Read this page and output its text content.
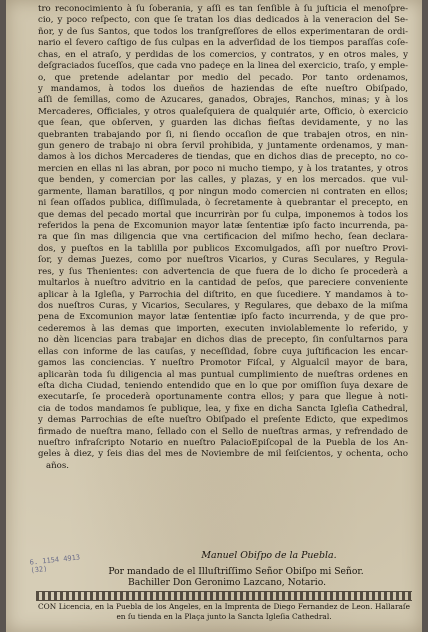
tro reconocimiento à ſu ſoberania, y aſſi es tan ſenſible à ſu juſticia el menoſpre-
cio, y poco reſpecto, con que ſe tratan los dias dedicados à la veneracion del Se-
ñor, y de ſus Santos, que todos los tranſgreſſores de ellos experimentaran de ordi-
nario el ſevero caſtigo de ſus culpas en la adverſidad de los tiempos paraſſas coſe-
chas, en el atraſo, y perdidas de los comercios, y contratos, y en otros males, y
deſgraciados ſuceſſos, que cada vno padeçe en la linea del exercicio, traſo, y emple-
o, que pretende adelantar por medio del pecado. Por tanto ordenamos,
y mandamos, à todos los dueños de haziendas de eſte nueſtro Obiſpado,
aſſi de ſemillas, como de Azucares, ganados, Obrajes, Ranchos, minas; y à los
Mercaderes, Officiales, y otros qualeſquiera de qualquiér arte, Officio, ò exercicio
que ſean, que obſerven, y guarden las dichas fieſtas devidamente, y no las
quebranten trabajando por ſi, ni ſiendo occaſion de que trabajen otros, en nin-
gun genero de trabajo ni obra ſervil prohibida, y juntamente ordenamos, y man-
damos à los dichos Mercaderes de tiendas, que en dichos dias de precepto, no co-
mercien en ellas ni las abran, por poco ni mucho tiempo, y à los tratantes, y otros
que benden, y comercian por las calles, y plazas, y en los mercados. que vul-
garmente, llaman baratillos, q por ningun modo comercien ni contraten en ellos;
ni ſean oſſados publica, diſſimulada, ò ſecretamente à quebrantar el precepto, en
que demas del pecado mortal que incurriràn por ſu culpa, imponemos à todos los
referidos la pena de Excomunion mayor latæ ſententiæ ipſo facto incurrenda, pa-
ra que ſin mas diligencia que vna certificacion del miſmo hecho, ſean declara-
dos, y pueſtos en la tablilla por publicos Excomulgados, aſſi por nueſtro Provi-
ſor, y demas Juezes, como por nueſtros Vicarios, y Curas Seculares, y Regula-
res, y ſus Thenientes: con advertencia de que fuera de lo dicho ſe procederà a
multarlos à nueſtro advitrio en la cantidad de peſos, que pareciere conveniente
aplicar à la Igleſia, y Parrochia del diſtrito, en que ſucediere. Y mandamos à to-
dos nueſtros Curas, y Vicarios, Seculares, y Regulares, que debaxo de la miſma
pena de Excomunion mayor latæ ſententiæ ipſo facto incurrenda, y de que pro-
cederemos à las demas que importen, executen inviolablemente lo referido, y
no dèn licencias para trabajar en dichos dias de precepto, ſin conſultarnos para
ellas con informe de las cauſas, y neceſſidad, ſobre cuya juſtificacion les encar-
gamos las conciencias. Y nueſtro Promotor Fiſcal, y Algualcil mayor de bara,
aplicaràn toda ſu diligencia al mas puntual cumplimiento de nueſtras ordenes en
eſta dicha Ciudad, teniendo entendido que en lo que por omiſſion ſuya dexare de
executarſe, ſe procederà oportunamente contra ellos; y para que llegue à noti-
cia de todos mandamos ſe publique, lea, y fixe en dicha Sancta Igleſia Cathedral,
y demas Parrochias de eſte nueſtro Obiſpado el preſente Edicto, que expedimos
firmado de nueſtra mano, ſellado con el Sello de nueſtras armas, y refrendado de
nueſtro infraſcripto Notario en nueſtro PalacioEpiſcopal de la Puebla de los An-
geles à diez, y ſeis dias del mes de Noviembre de mil ſeiſcientos, y ochenta, ocho
años.
6. 1154 4913
(32)
Manuel Obiſpo de la Puebla.
Por mandado de el Illuſtriſſimo Señor Obiſpo mi Señor.
Bachiller Don Geronimo Lazcano, Notario.
CON Licencia, en la Puebla de los Angeles, en la Imprenta de Diego Fernandez de Leon. Hallaraſe
en ſu tienda en la Plaça junto la Sancta Igleſia Cathedral.
